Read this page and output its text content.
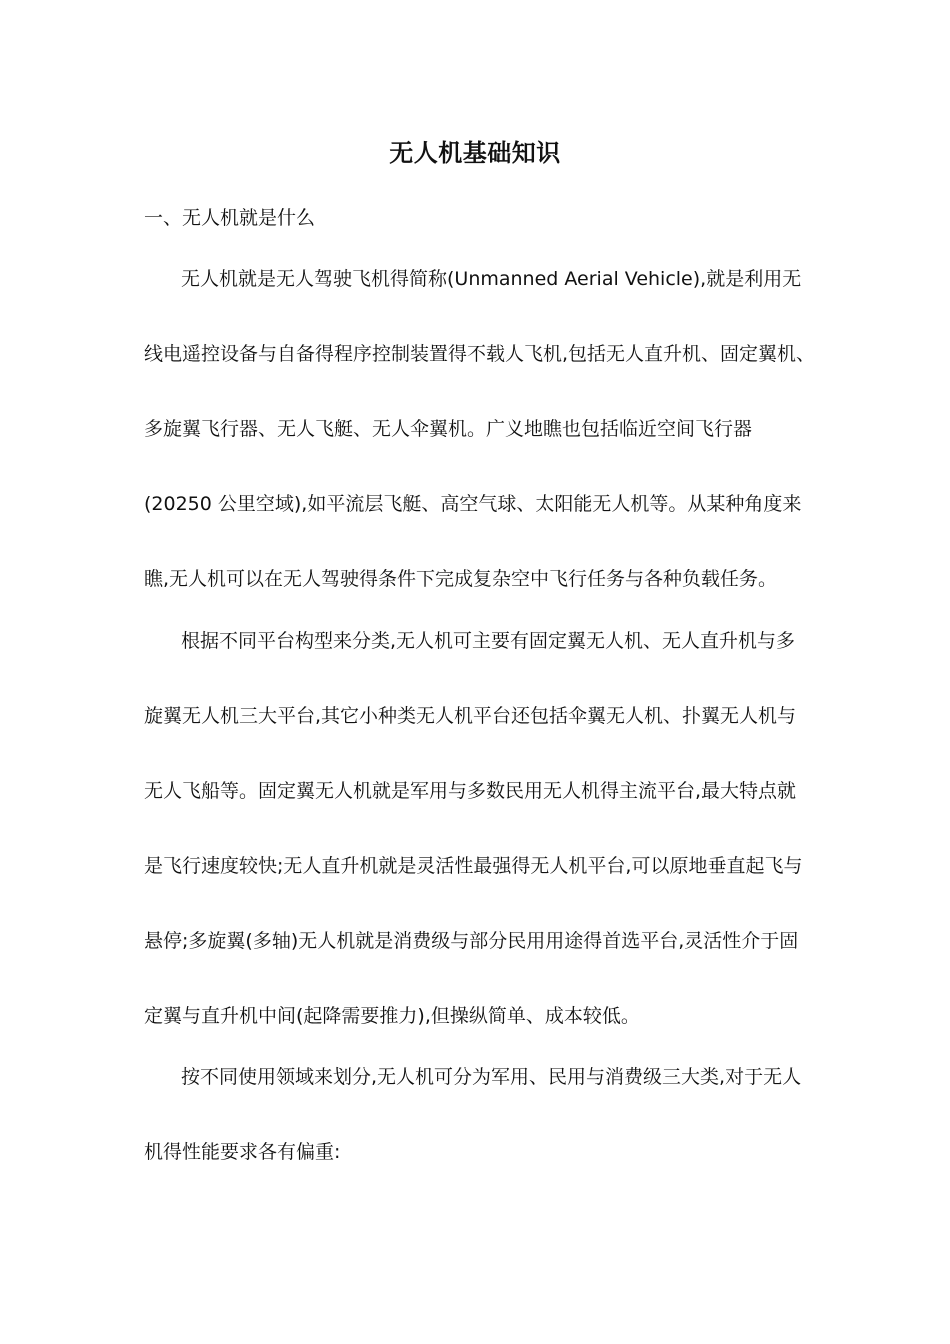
无人机基础知识
一、无人机就是什么
无人机就是无人驾驶飞机得简称(Unmanned Aerial Vehicle),就是利用无
线电遥控设备与自备得程序控制装置得不载人飞机,包括无人直升机、固定翼机、
多旋翼飞行器、无人飞艇、无人伞翼机。广义地瞧也包括临近空间飞行器
(20250 公里空域),如平流层飞艇、高空气球、太阳能无人机等。从某种角度来
瞧,无人机可以在无人驾驶得条件下完成复杂空中飞行任务与各种负载任务。
根据不同平台构型来分类,无人机可主要有固定翼无人机、无人直升机与多
旋翼无人机三大平台,其它小种类无人机平台还包括伞翼无人机、扑翼无人机与
无人飞船等。固定翼无人机就是军用与多数民用无人机得主流平台,最大特点就
是飞行速度较快;无人直升机就是灵活性最强得无人机平台,可以原地垂直起飞与
悬停;多旋翼(多轴)无人机就是消费级与部分民用用途得首选平台,灵活性介于固
定翼与直升机中间(起降需要推力),但操纵简单、成本较低。
按不同使用领域来划分,无人机可分为军用、民用与消费级三大类,对于无人
机得性能要求各有偏重:
